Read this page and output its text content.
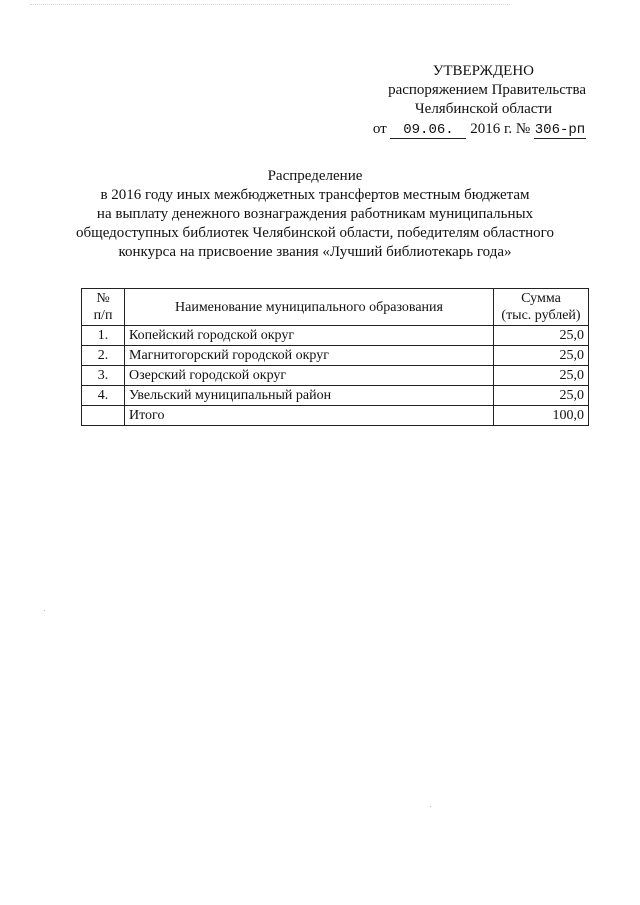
УТВЕРЖДЕНО
распоряжением Правительства
Челябинской области
от 09.06. 2016 г. № 306-рп
Распределение
в 2016 году иных межбюджетных трансфертов местным бюджетам
на выплату денежного вознаграждения работникам муниципальных
общедоступных библиотек Челябинской области, победителям областного
конкурса на присвоение звания «Лучший библиотекарь года»
№
п/п	Наименование муниципального образования	Сумма
(тыс. рублей)
1.	Копейский городской округ	25,0
2.	Магнитогорский городской округ	25,0
3.	Озерский городской округ	25,0
4.	Увельский муниципальный район	25,0
	Итого	100,0
